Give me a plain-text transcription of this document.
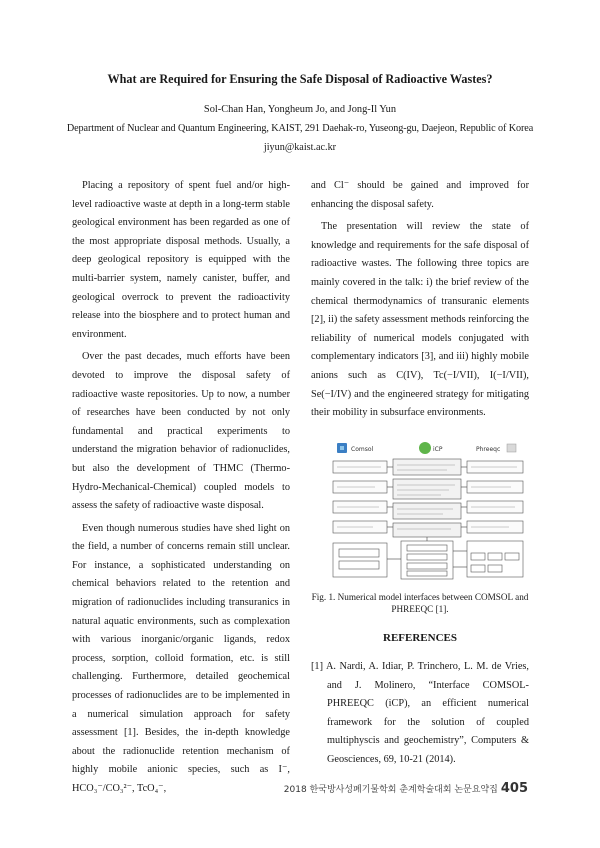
What are Required for Ensuring the Safe Disposal of Radioactive Wastes?
Sol-Chan Han, Yongheum Jo, and Jong-Il Yun
Department of Nuclear and Quantum Engineering, KAIST, 291 Daehak-ro, Yuseong-gu, Daejeon, Republic of Korea
jiyun@kaist.ac.kr

Placing a repository of spent fuel and/or high-level radioactive waste at depth in a long-term stable geological environment has been regarded as one of the most appropriate disposal methods. Usually, a deep geological repository is equipped with the multi-barrier system, namely canister, buffer, and geological overrock to prevent the radioactivity release into the biosphere and to protect human and environment.

Over the past decades, much efforts have been devoted to improve the disposal safety of radioactive waste repositories. Up to now, a number of researches have been conducted by not only fundamental and practical experiments to understand the migration behavior of radionuclides, but also the development of THMC (Thermo-Hydro-Mechanical-Chemical) coupled models to assess the safety of radioactive waste disposal.

Even though numerous studies have shed light on the field, a number of concerns remain still unclear. For instance, a sophisticated understanding on chemical behaviors related to the retention and migration of radionuclides including transuranics in natural aquatic environments, such as complexation with various inorganic/organic ligands, redox process, sorption, colloid formation, etc. is still challenging. Furthermore, detailed geochemical processes of radionuclides are to be implemented in a numerical simulation approach for safety assessment [1]. Besides, the in-depth knowledge about the radionuclide retention mechanism of highly mobile anionic species, such as I⁻, HCO₃⁻/CO₃²⁻, TcO₄⁻,

and Cl⁻ should be gained and improved for enhancing the disposal safety.

The presentation will review the state of knowledge and requirements for the safe disposal of radioactive wastes. The following three topics are mainly covered in the talk: i) the brief review of the chemical thermodynamics of transuranic elements [2], ii) the safety assessment methods reinforcing the reliability of numerical models conjugated with complementary indicators [3], and iii) highly mobile anions such as C(IV), Tc(−I/VII), I(−I/VII), Se(−I/IV) and the engineered strategy for mitigating their mobility in subsurface environments.

Comsol	iCP	Phreeqc
Fig. 1. Numerical model interfaces between COMSOL and PHREEQC [1].
REFERENCES
[1] A. Nardi, A. Idiar, P. Trinchero, L. M. de Vries, and J. Molinero, “Interface COMSOL-PHREEQC (iCP), an efficient numerical framework for the solution of coupled multiphyscis and geochemistry”, Computers & Geosciences, 69, 10-21 (2014).
2018 한국방사성폐기물학회 춘계학술대회 논문요약집 405
